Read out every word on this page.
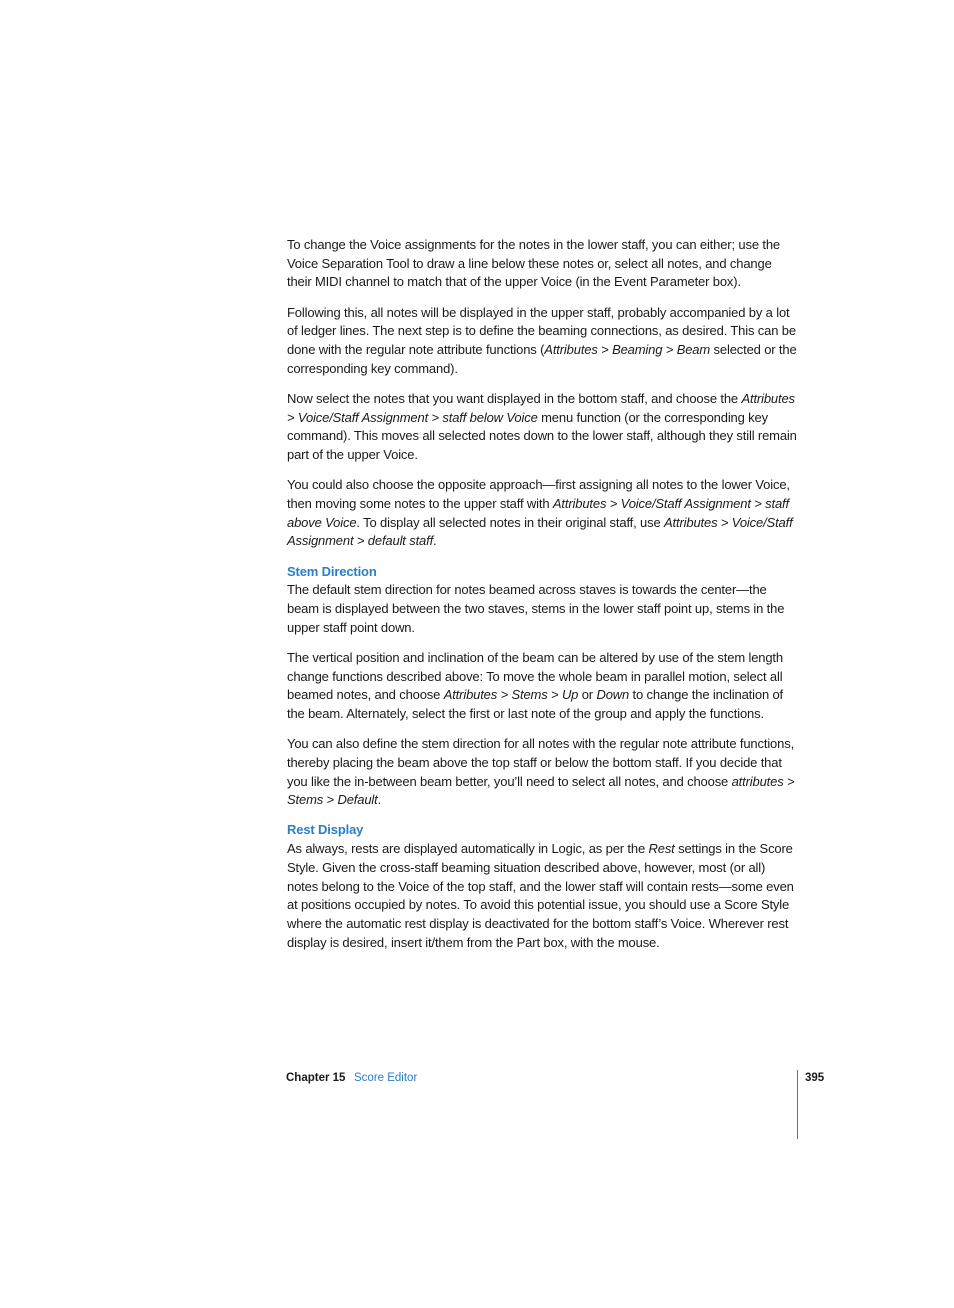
To change the Voice assignments for the notes in the lower staff, you can either; use the Voice Separation Tool to draw a line below these notes or, select all notes, and change their MIDI channel to match that of the upper Voice (in the Event Parameter box).

Following this, all notes will be displayed in the upper staff, probably accompanied by a lot of ledger lines. The next step is to define the beaming connections, as desired. This can be done with the regular note attribute functions (Attributes > Beaming > Beam selected or the corresponding key command).

Now select the notes that you want displayed in the bottom staff, and choose the Attributes > Voice/Staff Assignment > staff below Voice menu function (or the corresponding key command). This moves all selected notes down to the lower staff, although they still remain part of the upper Voice.

You could also choose the opposite approach—first assigning all notes to the lower Voice, then moving some notes to the upper staff with Attributes > Voice/Staff Assignment > staff above Voice. To display all selected notes in their original staff, use Attributes > Voice/Staff Assignment > default staff.

Stem Direction

The default stem direction for notes beamed across staves is towards the center—the beam is displayed between the two staves, stems in the lower staff point up, stems in the upper staff point down.

The vertical position and inclination of the beam can be altered by use of the stem length change functions described above: To move the whole beam in parallel motion, select all beamed notes, and choose Attributes > Stems > Up or Down to change the inclination of the beam. Alternately, select the first or last note of the group and apply the functions.

You can also define the stem direction for all notes with the regular note attribute functions, thereby placing the beam above the top staff or below the bottom staff. If you decide that you like the in-between beam better, you’ll need to select all notes, and choose attributes > Stems > Default.

Rest Display

As always, rests are displayed automatically in Logic, as per the Rest settings in the Score Style. Given the cross-staff beaming situation described above, however, most (or all) notes belong to the Voice of the top staff, and the lower staff will contain rests—some even at positions occupied by notes. To avoid this potential issue, you should use a Score Style where the automatic rest display is deactivated for the bottom staff’s Voice. Wherever rest display is desired, insert it/them from the Part box, with the mouse.

Chapter 15 Score Editor	395
